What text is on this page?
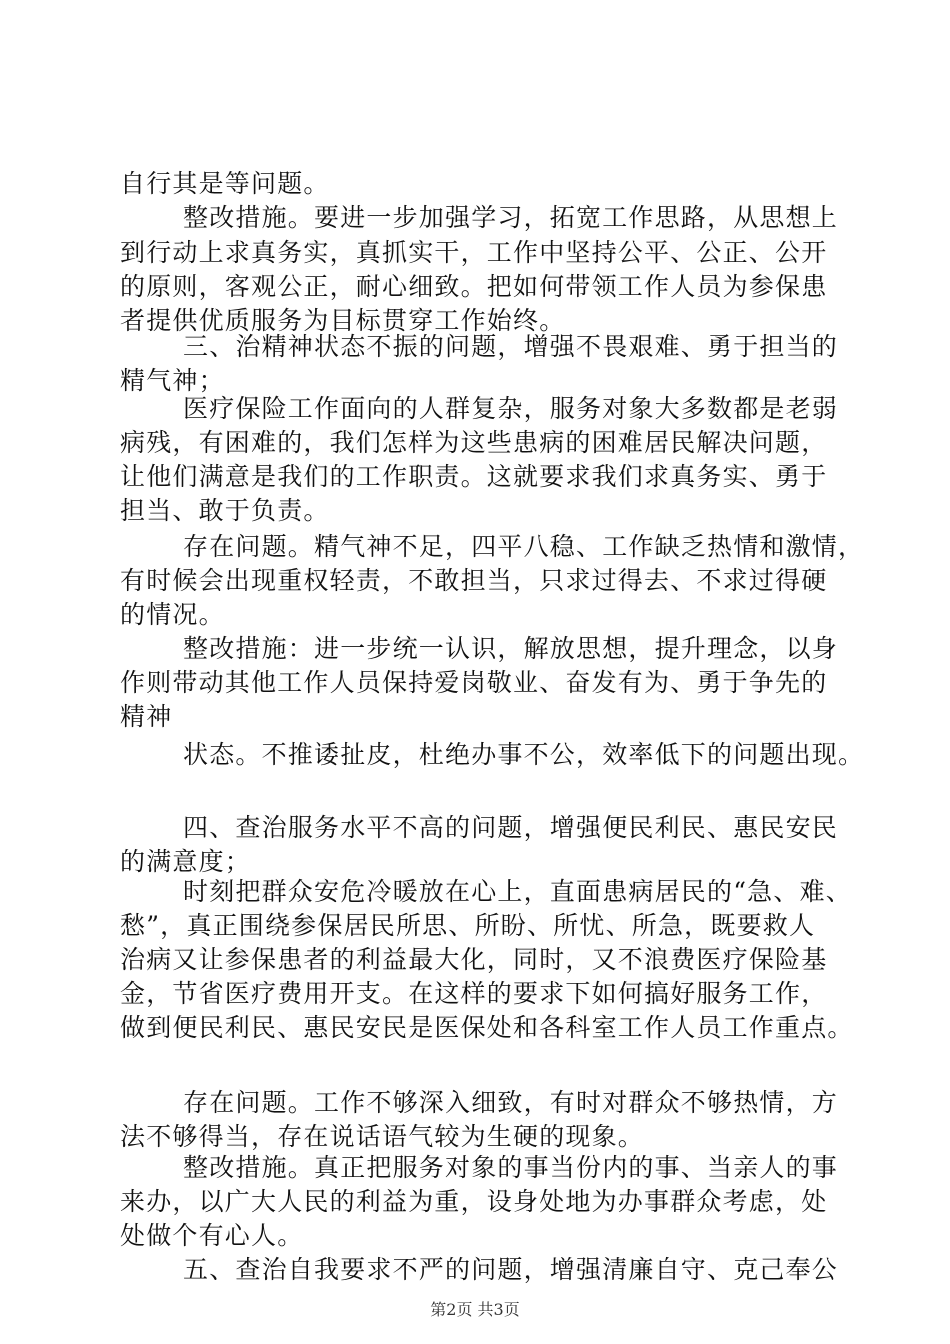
自行其是等问题。
整改措施。要进一步加强学习，拓宽工作思路，从思想上
到行动上求真务实，真抓实干，工作中坚持公平、公正、公开
的原则，客观公正，耐心细致。把如何带领工作人员为参保患
者提供优质服务为目标贯穿工作始终。
三、治精神状态不振的问题，增强不畏艰难、勇于担当的
精气神；
医疗保险工作面向的人群复杂，服务对象大多数都是老弱
病残，有困难的，我们怎样为这些患病的困难居民解决问题，
让他们满意是我们的工作职责。这就要求我们求真务实、勇于
担当、敢于负责。
存在问题。精气神不足，四平八稳、工作缺乏热情和激情，
有时候会出现重权轻责，不敢担当，只求过得去、不求过得硬
的情况。
整改措施：进一步统一认识，解放思想，提升理念，以身
作则带动其他工作人员保持爱岗敬业、奋发有为、勇于争先的
精神
状态。不推诿扯皮，杜绝办事不公，效率低下的问题出现。
四、查治服务水平不高的问题，增强便民利民、惠民安民
的满意度；
时刻把群众安危冷暖放在心上，直面患病居民的“急、难、
愁”，真正围绕参保居民所思、所盼、所忧、所急，既要救人
治病又让参保患者的利益最大化，同时，又不浪费医疗保险基
金，节省医疗费用开支。在这样的要求下如何搞好服务工作，
做到便民利民、惠民安民是医保处和各科室工作人员工作重点。
存在问题。工作不够深入细致，有时对群众不够热情，方
法不够得当，存在说话语气较为生硬的现象。
整改措施。真正把服务对象的事当份内的事、当亲人的事
来办，以广大人民的利益为重，设身处地为办事群众考虑，处
处做个有心人。
五、查治自我要求不严的问题，增强清廉自守、克己奉公
第2页 共3页
